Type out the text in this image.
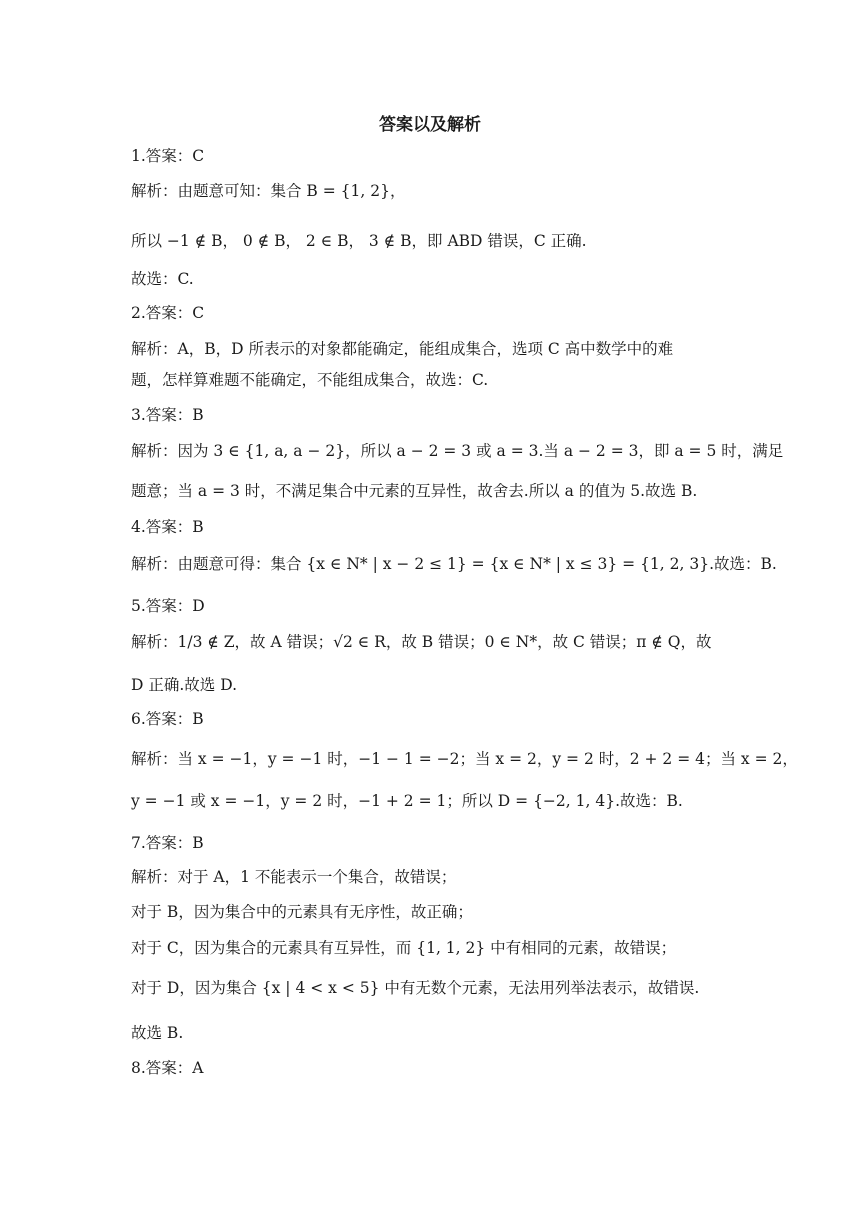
答案以及解析
1.答案：C
解析：由题意可知：集合 B = {1, 2}，
所以 −1 ∉ B， 0 ∉ B， 2 ∈ B， 3 ∉ B，即 ABD 错误，C 正确.
故选：C.
2.答案：C
解析：A，B，D 所表示的对象都能确定，能组成集合，选项 C 高中数学中的难
题，怎样算难题不能确定，不能组成集合，故选：C.
3.答案：B
解析：因为 3 ∈ {1, a, a − 2}，所以 a − 2 = 3 或 a = 3.当 a − 2 = 3，即 a = 5 时，满足
题意；当 a = 3 时，不满足集合中元素的互异性，故舍去.所以 a 的值为 5.故选 B.
4.答案：B
解析：由题意可得：集合 {x ∈ N* | x − 2 ≤ 1} = {x ∈ N* | x ≤ 3} = {1, 2, 3}.故选：B.
5.答案：D
解析：1/3 ∉ Z，故 A 错误；√2 ∈ R，故 B 错误；0 ∈ N*，故 C 错误；π ∉ Q，故
D 正确.故选 D.
6.答案：B
解析：当 x = −1，y = −1 时，−1 − 1 = −2；当 x = 2，y = 2 时，2 + 2 = 4；当 x = 2，
y = −1 或 x = −1，y = 2 时，−1 + 2 = 1；所以 D = {−2, 1, 4}.故选：B.
7.答案：B
解析：对于 A，1 不能表示一个集合，故错误；
对于 B，因为集合中的元素具有无序性，故正确；
对于 C，因为集合的元素具有互异性，而 {1, 1, 2} 中有相同的元素，故错误；
对于 D，因为集合 {x | 4 < x < 5} 中有无数个元素，无法用列举法表示，故错误.
故选 B.
8.答案：A
